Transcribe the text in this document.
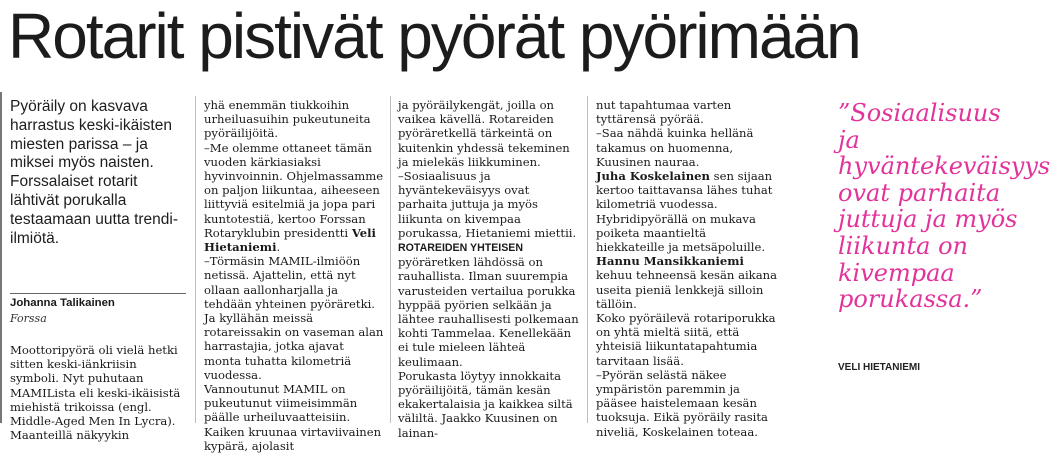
Rotarit pistivät pyörät pyörimään
Pyöräily on kasvava harrastus keski-ikäisten miesten parissa – ja miksei myös naisten. Forssalaiset rotarit lähtivät porukalla testaamaan uutta trendi-ilmiötä.
Johanna Talikainen
Forssa

Moottoripyörä oli vielä hetki sitten keski-iänkriisin symboli. Nyt puhutaan MAMILista eli keski-ikäisistä miehistä trikoissa (engl. Middle-Aged Men In Lycra). Maanteillä näkyykin

yhä enemmän tiukkoihin urheiluasuihin pukeutuneita pyöräilijöitä.

–Me olemme ottaneet tämän vuoden kärkiasiaksi hyvinvoinnin. Ohjelmassamme on paljon liikuntaa, aiheeseen liittyviä esitelmiä ja jopa pari kuntotestiä, kertoo Forssan Rotaryklubin presidentti Veli Hietaniemi.

–Törmäsin MAMIL-ilmiöön netissä. Ajattelin, että nyt ollaan aallonharjalla ja tehdään yhteinen pyöräretki. Ja kyllähän meissä rotareissakin on vaseman alan harrastajia, jotka ajavat monta tuhatta kilometriä vuodessa.

Vannoutunut MAMIL on pukeutunut viimeisimmän päälle urheiluvaatteisiin. Kaiken kruunaa virtaviivainen kypärä, ajolasit

ja pyöräilykengät, joilla on vaikea kävellä. Rotareiden pyöräretkellä tärkeintä on kuitenkin yhdessä tekeminen ja mielekäs liikkuminen.

–Sosiaalisuus ja hyväntekeväisyys ovat parhaita juttuja ja myös liikunta on kivempaa porukassa, Hietaniemi miettii.

ROTAREIDEN YHTEISEN pyöräretken lähdössä on rauhallista. Ilman suurempia varusteiden vertailua porukka hyppää pyörien selkään ja lähtee rauhallisesti polkemaan kohti Tammelaa. Kenellekään ei tule mieleen lähteä keulimaan.

Porukasta löytyy innokkaita pyöräilijöitä, tämän kesän ekakertalaisia ja kaikkea siltä väliltä. Jaakko Kuusinen on lainan-

nut tapahtumaa varten tyttärensä pyörää.

–Saa nähdä kuinka hellänä takamus on huomenna, Kuusinen nauraa.

Juha Koskelainen sen sijaan kertoo taittavansa lähes tuhat kilometriä vuodessa. Hybridipyörällä on mukava poiketa maantieltä hiekkateille ja metsäpoluille. Hannu Mansikkaniemi kehuu tehneensä kesän aikana useita pieniä lenkkejä silloin tällöin.

Koko pyöräilevä rotariporukka on yhtä mieltä siitä, että yhteisiä liikuntatapahtumia tarvitaan lisää.

–Pyörän selästä näkee ympäristön paremmin ja pääsee haistelemaan kesän tuoksuja. Eikä pyöräily rasita niveliä, Koskelainen toteaa.

”Sosiaalisuus ja hyväntekeväisyys ovat parhaita juttuja ja myös liikunta on kivempaa porukassa.”
VELI HIETANIEMI
